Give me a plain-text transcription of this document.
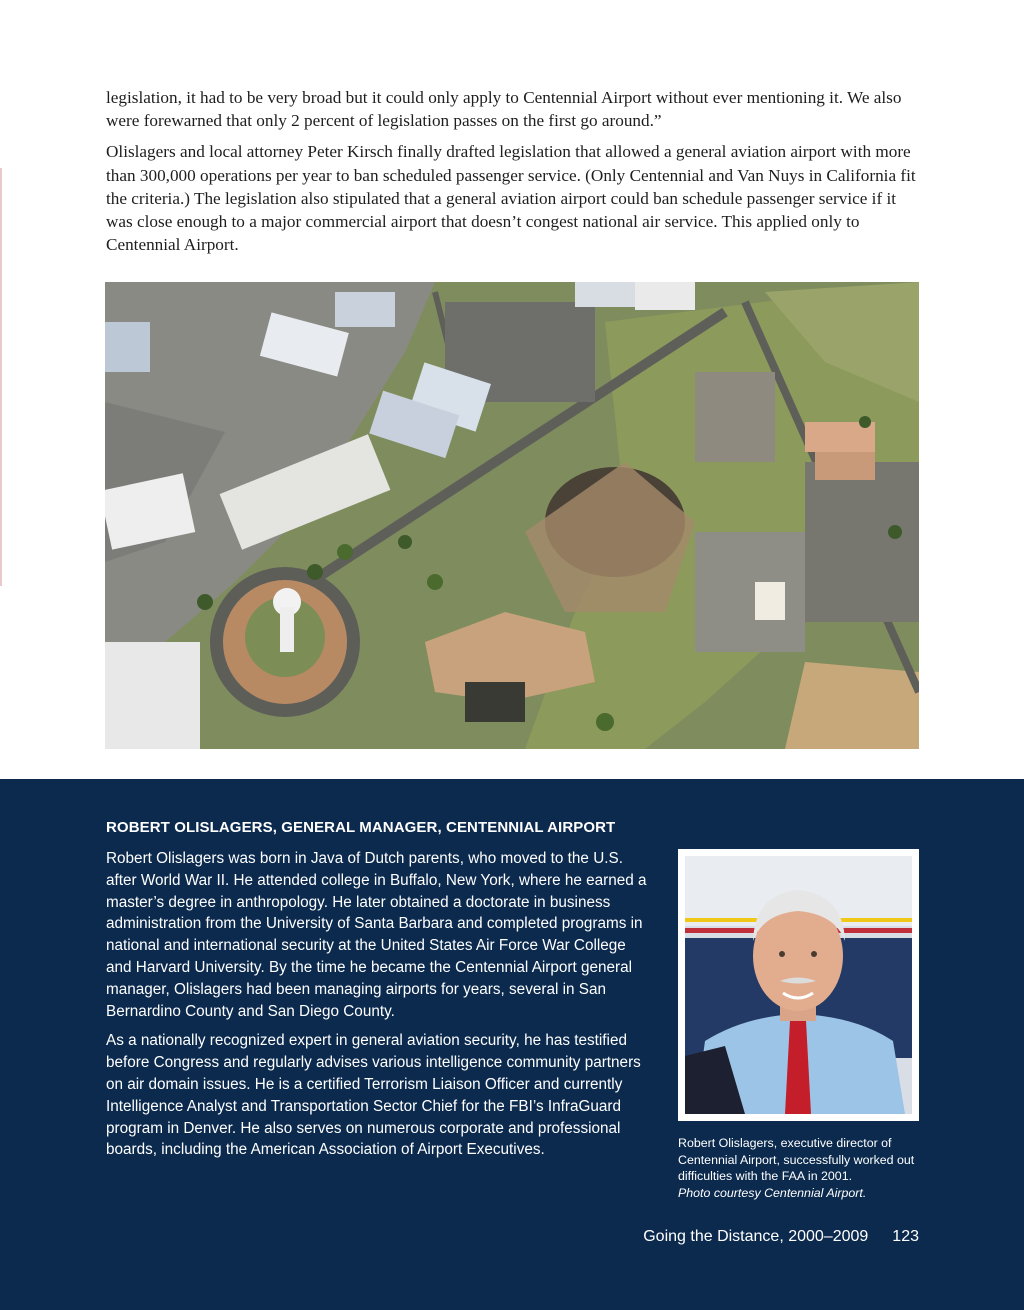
legislation, it had to be very broad but it could only apply to Centennial Airport without ever mentioning it. We also were forewarned that only 2 percent of legislation passes on the first go around.”

Olislagers and local attorney Peter Kirsch finally drafted legislation that allowed a general aviation airport with more than 300,000 operations per year to ban scheduled passenger service. (Only Centennial and Van Nuys in California fit the criteria.) The legislation also stipulated that a general aviation airport could ban schedule passenger service if it was close enough to a major commercial airport that doesn’t congest national air service. This applied only to Centennial Airport.

ROBERT OLISLAGERS, GENERAL MANAGER, CENTENNIAL AIRPORT

Robert Olislagers was born in Java of Dutch parents, who moved to the U.S. after World War II. He attended college in Buffalo, New York, where he earned a master’s degree in anthropology. He later obtained a doctorate in business administration from the University of Santa Barbara and completed programs in national and international security at the United States Air Force War College and Harvard University. By the time he became the Centennial Airport general manager, Olislagers had been managing airports for years, several in San Bernardino County and San Diego County.

As a nationally recognized expert in general aviation security, he has testified before Congress and regularly advises various intelligence community partners on air domain issues. He is a certified Terrorism Liaison Officer and currently Intelligence Analyst and Transportation Sector Chief for the FBI’s InfraGuard program in Denver. He also serves on numerous corporate and professional boards, including the American Association of Airport Executives.	Robert Olislagers, executive director of Centennial Airport, successfully worked out difficulties with the FAA in 2001.
Photo courtesy Centennial Airport.
Going the Distance, 2000–2009 123
